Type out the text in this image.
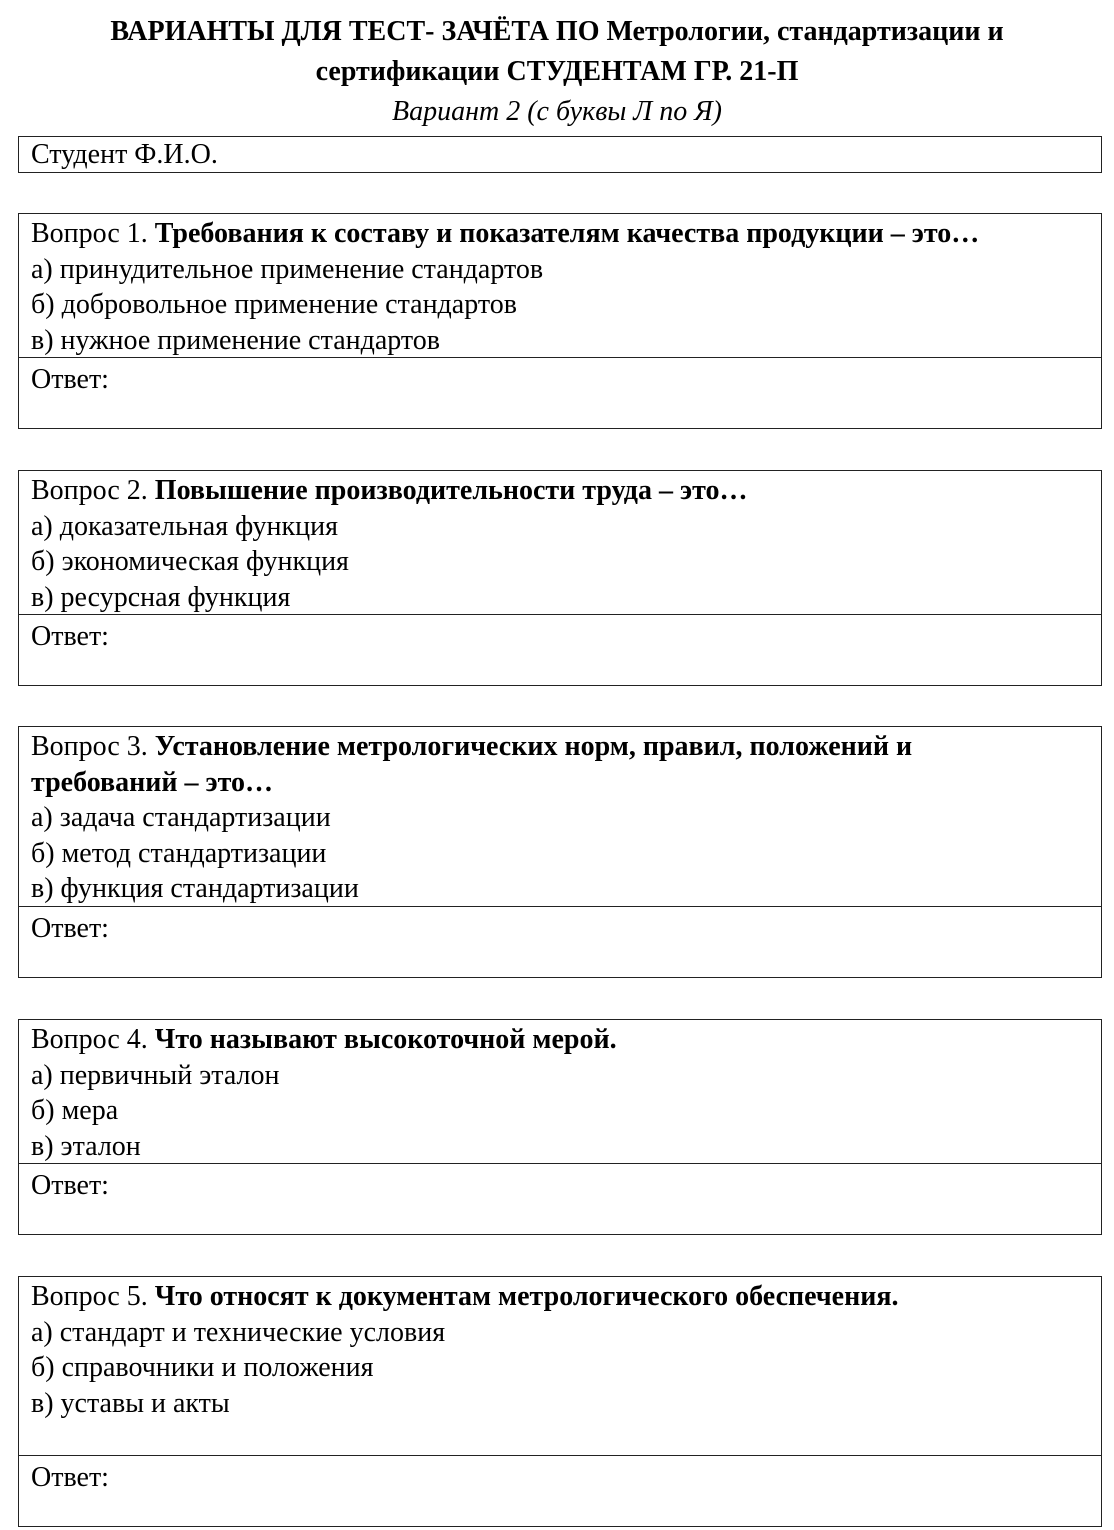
ВАРИАНТЫ ДЛЯ ТЕСТ- ЗАЧЁТА ПО Метрологии, стандартизации и
сертификации СТУДЕНТАМ ГР. 21-П
Вариант 2 (с буквы Л по Я)
Студент Ф.И.О.
Вопрос 1. Требования к составу и показателям качества продукции – это…
а) принудительное применение стандартов
б) добровольное применение стандартов
в) нужное применение стандартов
Ответ:
Вопрос 2. Повышение производительности труда – это…
а) доказательная функция
б) экономическая функция
в) ресурсная функция
Ответ:
Вопрос 3. Установление метрологических норм, правил, положений и
требований – это…
а) задача стандартизации
б) метод стандартизации
в) функция стандартизации
Ответ:
Вопрос 4. Что называют высокоточной мерой.
а) первичный эталон
б) мера
в) эталон
Ответ:
Вопрос 5. Что относят к документам метрологического обеспечения.
а) стандарт и технические условия
б) справочники и положения
в) уставы и акты
Ответ:
